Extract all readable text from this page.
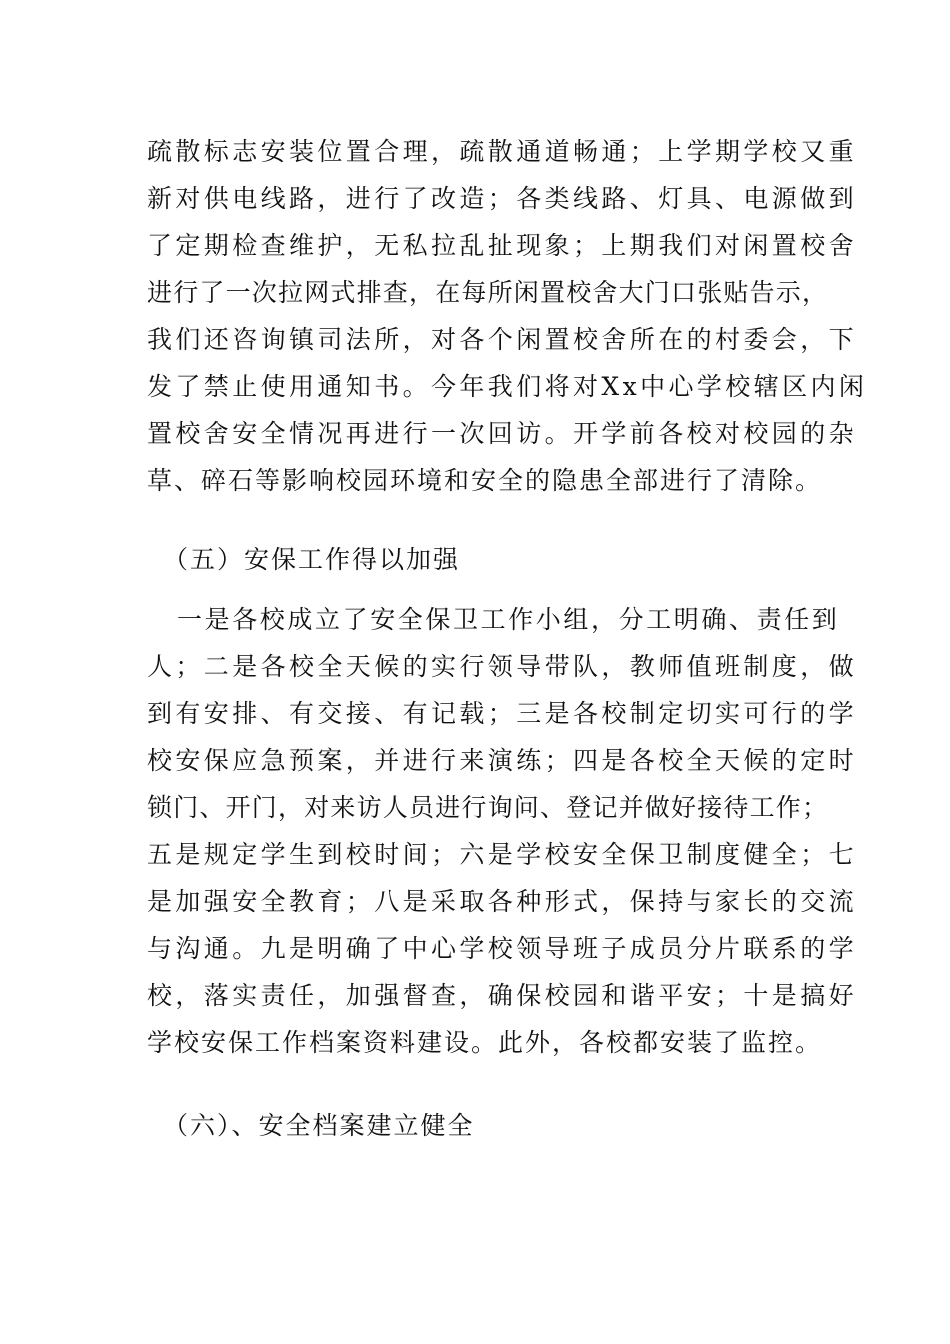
疏散标志安装位置合理，疏散通道畅通；上学期学校又重
新对供电线路，进行了改造；各类线路、灯具、电源做到
了定期检查维护，无私拉乱扯现象；上期我们对闲置校舍
进行了一次拉网式排查，在每所闲置校舍大门口张贴告示，
我们还咨询镇司法所，对各个闲置校舍所在的村委会，下
发了禁止使用通知书。今年我们将对Xx中心学校辖区内闲
置校舍安全情况再进行一次回访。开学前各校对校园的杂
草、碎石等影响校园环境和安全的隐患全部进行了清除。
（五）安保工作得以加强
一是各校成立了安全保卫工作小组，分工明确、责任到
人；二是各校全天候的实行领导带队，教师值班制度，做
到有安排、有交接、有记载；三是各校制定切实可行的学
校安保应急预案，并进行来演练；四是各校全天候的定时
锁门、开门，对来访人员进行询问、登记并做好接待工作；
五是规定学生到校时间；六是学校安全保卫制度健全；七
是加强安全教育；八是采取各种形式，保持与家长的交流
与沟通。九是明确了中心学校领导班子成员分片联系的学
校，落实责任，加强督查，确保校园和谐平安；十是搞好
学校安保工作档案资料建设。此外，各校都安装了监控。
（六）、安全档案建立健全
